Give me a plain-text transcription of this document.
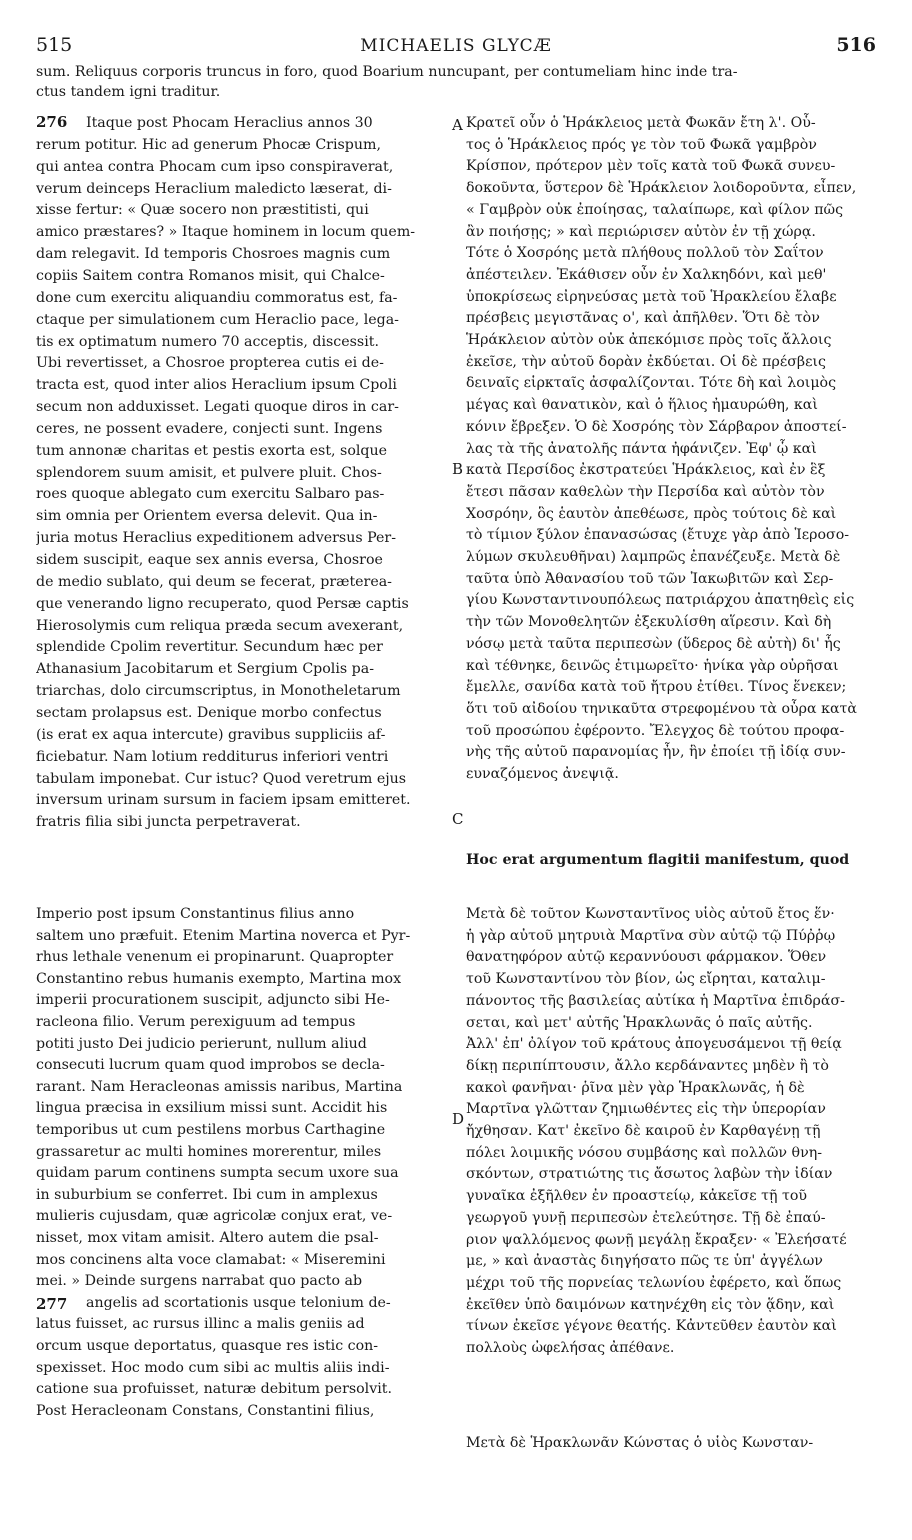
515	MICHAELIS GLYCÆ	516
sum. Reliquus corporis truncus in foro, quod Boarium nuncupant, per contumeliam hinc inde tra-
ctus tandem igni traditur.
Itaque post Phocam Heraclius annos 30
rerum potitur. Hic ad generum Phocæ Crispum,
qui antea contra Phocam cum ipso conspiraverat,
verum deinceps Heraclium maledicto læserat, di-
xisse fertur: « Quæ socero non præstitisti, qui
amico præstares? » Itaque hominem in locum quem-
dam relegavit. Id temporis Chosroes magnis cum
copiis Saitem contra Romanos misit, qui Chalce-
done cum exercitu aliquandiu commoratus est, fa-
ctaque per simulationem cum Heraclio pace, lega-
tis ex optimatum numero 70 acceptis, discessit.
Ubi revertisset, a Chosroe propterea cutis ei de-
tracta est, quod inter alios Heraclium ipsum Cpoli
secum non adduxisset. Legati quoque diros in car-
ceres, ne possent evadere, conjecti sunt. Ingens
tum annonæ charitas et pestis exorta est, solque
splendorem suum amisit, et pulvere pluit. Chos-
roes quoque ablegato cum exercitu Salbaro pas-
sim omnia per Orientem eversa delevit. Qua in-
juria motus Heraclius expeditionem adversus Per-
sidem suscipit, eaque sex annis eversa, Chosroe
de medio sublato, qui deum se fecerat, prætereа-
que venerando ligno recuperato, quod Persæ captis
Hierosolymis cum reliqua præda secum avexerant,
splendide Cpolim revertitur. Secundum hæc per
Athanasium Jacobitarum et Sergium Cpolis pa-
triarchas, dolo circumscriptus, in Monotheletarum
sectam prolapsus est. Denique morbo confectus
(is erat ex aqua intercute) gravibus suppliciis af-
ficiebatur. Nam lotium redditurus inferiori ventri
tabulam imponebat. Cur istuc? Quod veretrum ejus
inversum urinam sursum in faciem ipsam emitteret.
fratris filia sibi juncta perpetraverat.
Κρατεῖ οὖν ὁ Ἡράκλειος μετὰ Φωκᾶν ἔτη λ'. Οὗ-
τος ὁ Ἡράκλειος πρός γε τὸν τοῦ Φωκᾶ γαμβρὸν
Κρίσπον, πρότερον μὲν τοῖς κατὰ τοῦ Φωκᾶ συνευ-
δοκοῦντα, ὕστερον δὲ Ἡράκλειον λοιδοροῦντα, εἶπεν,
« Γαμβρὸν οὐκ ἐποίησας, ταλαίπωρε, καὶ φίλον πῶς
ἂν ποιήσῃς; » καὶ περιώρισεν αὐτὸν ἐν τῇ χώρᾳ.
Τότε ὁ Χοσρόης μετὰ πλήθους πολλοῦ τὸν Σαΐτον
ἀπέστειλεν. Ἐκάθισεν οὖν ἐν Χαλκηδόνι, καὶ μεθ'
ὑποκρίσεως εἰρηνεύσας μετὰ τοῦ Ἡρακλείου ἔλαβε
πρέσβεις μεγιστᾶνας ο', καὶ ἀπῆλθεν. Ὅτι δὲ τὸν
Ἡράκλειον αὐτὸν οὐκ ἀπεκόμισε πρὸς τοῖς ἄλλοις
ἐκεῖσε, τὴν αὐτοῦ δορὰν ἐκδύεται. Οἱ δὲ πρέσβεις
δειναῖς εἱρκταῖς ἀσφαλίζονται. Τότε δὴ καὶ λοιμὸς
μέγας καὶ θανατικὸν, καὶ ὁ ἥλιος ἠμαυρώθη, καὶ
κόνιν ἔβρεξεν. Ὁ δὲ Χοσρόης τὸν Σάρβαρον ἀποστεί-
λας τὰ τῆς ἀνατολῆς πάντα ἠφάνιζεν. Ἐφ' ᾧ καὶ
κατὰ Περσίδος ἐκστρατεύει Ἡράκλειος, καὶ ἐν ἓξ
ἔτεσι πᾶσαν καθελὼν τὴν Περσίδα καὶ αὐτὸν τὸν
Χοσρόην, ὃς ἑαυτὸν ἀπεθέωσε, πρὸς τούτοις δὲ καὶ
τὸ τίμιον ξύλον ἐπανασώσας (ἔτυχε γὰρ ἀπὸ Ἱεροσο-
λύμων σκυλευθῆναι) λαμπρῶς ἐπανέζευξε. Μετὰ δὲ
ταῦτα ὑπὸ Ἀθανασίου τοῦ τῶν Ἰακωβιτῶν καὶ Σερ-
γίου Κωνσταντινουπόλεως πατριάρχου ἀπατηθεὶς εἰς
τὴν τῶν Μονοθελητῶν ἐξεκυλίσθη αἵρεσιν. Καὶ δὴ
νόσῳ μετὰ ταῦτα περιπεσὼν (ὕδερος δὲ αὐτὴ) δι' ἧς
καὶ τέθνηκε, δεινῶς ἐτιμωρεῖτο· ἡνίκα γὰρ οὐρῆσαι
ἔμελλε, σανίδα κατὰ τοῦ ἤτρου ἐτίθει. Τίνος ἕνεκεν;
ὅτι τοῦ αἰδοίου τηνικαῦτα στρεφομένου τὰ οὖρα κατὰ
τοῦ προσώπου ἐφέροντο. Ἔλεγχος δὲ τούτου προφα-
νὴς τῆς αὐτοῦ παρανομίας ἦν, ἣν ἐποίει τῇ ἰδίᾳ συν-
ευναζόμενος ἀνεψιᾷ.
Imperio post ipsum Constantinus filius anno
saltem uno præfuit. Etenim Martina noverca et Pyr-
rhus lethale venenum ei propinarunt. Quapropter
Constantino rebus humanis exempto, Martina mox
imperii procurationem suscipit, adjuncto sibi He-
racleona filio. Verum perexiguum ad tempus
potiti justo Dei judicio perierunt, nullum aliud
consecuti lucrum quam quod improbos se decla-
rarant. Nam Heracleonas amissis naribus, Martina
lingua præcisa in exsilium missi sunt. Accidit his
temporibus ut cum pestilens morbus Carthagine
grassaretur ac multi homines morerentur, miles
quidam parum continens sumpta secum uxore sua
in suburbium se conferret. Ibi cum in amplexus
mulieris cujusdam, quæ agricolæ conjux erat, ve-
nisset, mox vitam amisit. Altero autem die psal-
mos concinens alta voce clamabat: « Miseremini
mei. » Deinde surgens narrabat quo pacto ab
angelis ad scortationis usque telonium de-
latus fuisset, ac rursus illinc a malis geniis ad
orcum usque deportatus, quasque res istic con-
spexisset. Hoc modo cum sibi ac multis aliis indi-
catione sua profuisset, naturæ debitum persolvit.
Post Heracleonam Constans, Constantini filius,
Μετὰ δὲ τοῦτον Κωνσταντῖνος υἱὸς αὐτοῦ ἔτος ἕν·
ἡ γὰρ αὐτοῦ μητρυιὰ Μαρτῖνα σὺν αὐτῷ τῷ Πύῤῥῳ
θανατηφόρον αὐτῷ κεραννύουσι φάρμακον. Ὅθεν
τοῦ Κωνσταντίνου τὸν βίον, ὡς εἴρηται, καταλιμ-
πάνοντος τῆς βασιλείας αὐτίκα ἡ Μαρτῖνα ἐπιδράσ-
σεται, καὶ μετ' αὐτῆς Ἡρακλωνᾶς ὁ παῖς αὐτῆς.
Ἀλλ' ἐπ' ὀλίγον τοῦ κράτους ἀπογευσάμενοι τῇ θείᾳ
δίκῃ περιπίπτουσιν, ἄλλο κερδάναντες μηδὲν ἢ τὸ
κακοὶ φανῆναι· ῥῖνα μὲν γὰρ Ἡρακλωνᾶς, ἡ δὲ
Μαρτῖνα γλῶτταν ζημιωθέντες εἰς τὴν ὑπερορίαν
ἤχθησαν. Κατ' ἐκεῖνο δὲ καιροῦ ἐν Καρθαγένῃ τῇ
πόλει λοιμικῆς νόσου συμβάσης καὶ πολλῶν θνη-
σκόντων, στρατιώτης τις ἄσωτος λαβὼν τὴν ἰδίαν
γυναῖκα ἐξῆλθεν ἐν προαστείῳ, κἀκεῖσε τῇ τοῦ
γεωργοῦ γυνῇ περιπεσὼν ἐτελεύτησε. Τῇ δὲ ἐπαύ-
ριον ψαλλόμενος φωνῇ μεγάλῃ ἔκραξεν· « Ἐλεήσατέ
με, » καὶ ἀναστὰς διηγήσατο πῶς τε ὑπ' ἀγγέλων
μέχρι τοῦ τῆς πορνείας τελωνίου ἐφέρετο, καὶ ὅπως
ἐκεῖθεν ὑπὸ δαιμόνων κατηνέχθη εἰς τὸν ᾅδην, καὶ
τίνων ἐκεῖσε γέγονε θεατής. Κἀντεῦθεν ἑαυτὸν καὶ
πολλοὺς ὠφελήσας ἀπέθανε.
Hoc erat argumentum flagitii manifestum, quod
Μετὰ δὲ Ἡρακλωνᾶν Κώνστας ὁ υἱὸς Κωνσταν-
276
277
A
B
C
D
